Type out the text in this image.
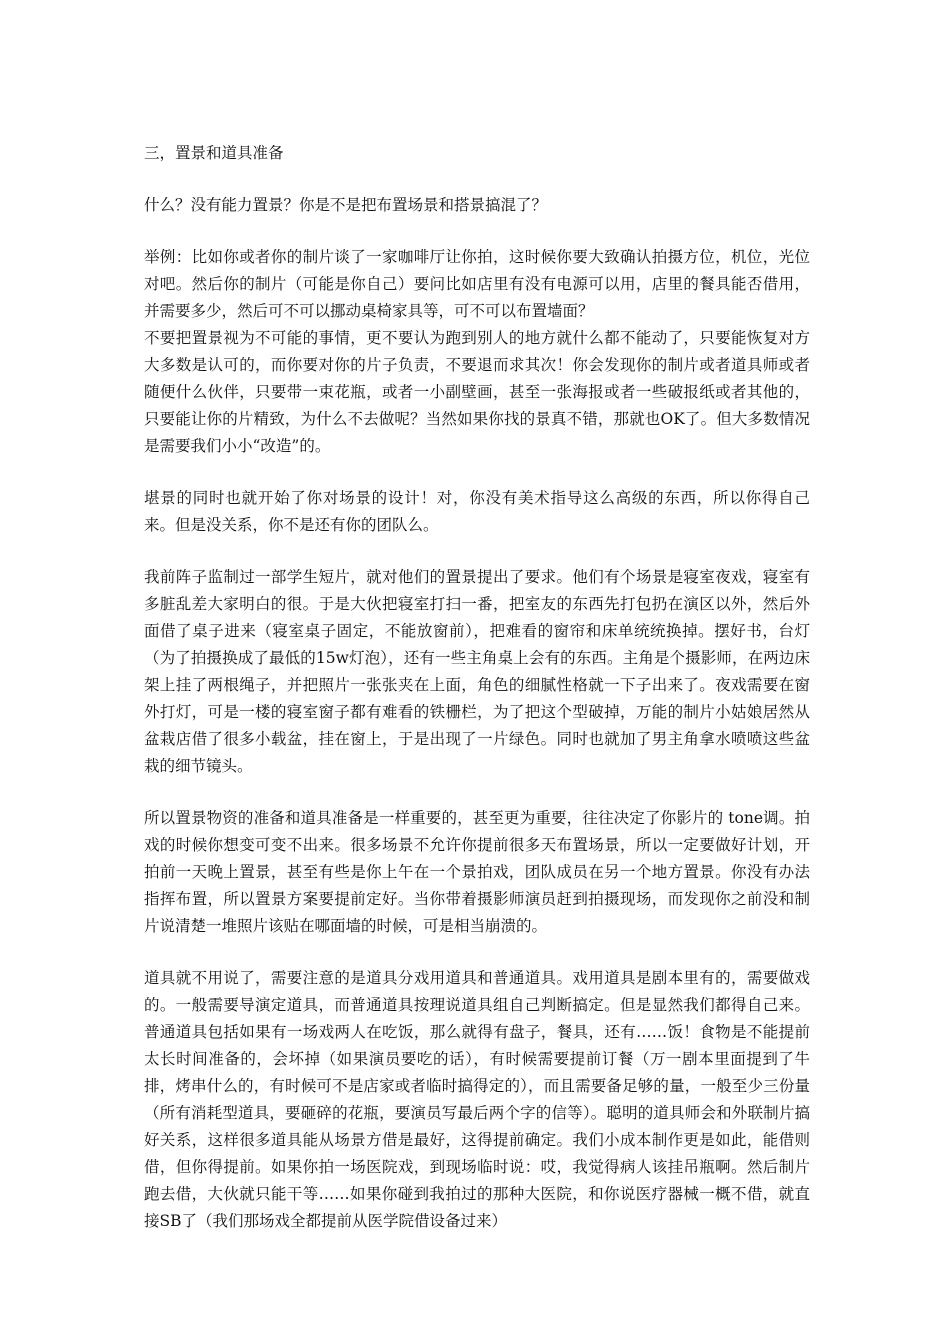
三，置景和道具准备

什么？没有能力置景？你是不是把布置场景和搭景搞混了？

举例：比如你或者你的制片谈了一家咖啡厅让你拍，这时候你要大致确认拍摄方位，机位，光位对吧。然后你的制片（可能是你自己）要问比如店里有没有电源可以用，店里的餐具能否借用，并需要多少，然后可不可以挪动桌椅家具等，可不可以布置墙面？

不要把置景视为不可能的事情，更不要认为跑到别人的地方就什么都不能动了，只要能恢复对方大多数是认可的，而你要对你的片子负责，不要退而求其次！你会发现你的制片或者道具师或者随便什么伙伴，只要带一束花瓶，或者一小副壁画，甚至一张海报或者一些破报纸或者其他的，只要能让你的片精致，为什么不去做呢？当然如果你找的景真不错，那就也OK了。但大多数情况是需要我们小小“改造”的。

堪景的同时也就开始了你对场景的设计！对，你没有美术指导这么高级的东西，所以你得自己来。但是没关系，你不是还有你的团队么。

我前阵子监制过一部学生短片，就对他们的置景提出了要求。他们有个场景是寝室夜戏，寝室有多脏乱差大家明白的很。于是大伙把寝室打扫一番，把室友的东西先打包扔在演区以外，然后外面借了桌子进来（寝室桌子固定，不能放窗前），把难看的窗帘和床单统统换掉。摆好书，台灯（为了拍摄换成了最低的15w灯泡），还有一些主角桌上会有的东西。主角是个摄影师，在两边床架上挂了两根绳子，并把照片一张张夹在上面，角色的细腻性格就一下子出来了。夜戏需要在窗外打灯，可是一楼的寝室窗子都有难看的铁栅栏，为了把这个型破掉，万能的制片小姑娘居然从盆栽店借了很多小载盆，挂在窗上，于是出现了一片绿色。同时也就加了男主角拿水喷喷这些盆栽的细节镜头。

所以置景物资的准备和道具准备是一样重要的，甚至更为重要，往往决定了你影片的 tone调。拍戏的时候你想变可变不出来。很多场景不允许你提前很多天布置场景，所以一定要做好计划，开拍前一天晚上置景，甚至有些是你上午在一个景拍戏，团队成员在另一个地方置景。你没有办法指挥布置，所以置景方案要提前定好。当你带着摄影师演员赶到拍摄现场，而发现你之前没和制片说清楚一堆照片该贴在哪面墙的时候，可是相当崩溃的。

道具就不用说了，需要注意的是道具分戏用道具和普通道具。戏用道具是剧本里有的，需要做戏的。一般需要导演定道具，而普通道具按理说道具组自己判断搞定。但是显然我们都得自己来。普通道具包括如果有一场戏两人在吃饭，那么就得有盘子，餐具，还有……饭！食物是不能提前太长时间准备的，会坏掉（如果演员要吃的话），有时候需要提前订餐（万一剧本里面提到了牛排，烤串什么的，有时候可不是店家或者临时搞得定的），而且需要备足够的量，一般至少三份量（所有消耗型道具，要砸碎的花瓶，要演员写最后两个字的信等）。聪明的道具师会和外联制片搞好关系，这样很多道具能从场景方借是最好，这得提前确定。我们小成本制作更是如此，能借则借，但你得提前。如果你拍一场医院戏，到现场临时说：哎，我觉得病人该挂吊瓶啊。然后制片跑去借，大伙就只能干等……如果你碰到我拍过的那种大医院，和你说医疗器械一概不借，就直接SB了（我们那场戏全都提前从医学院借设备过来）
